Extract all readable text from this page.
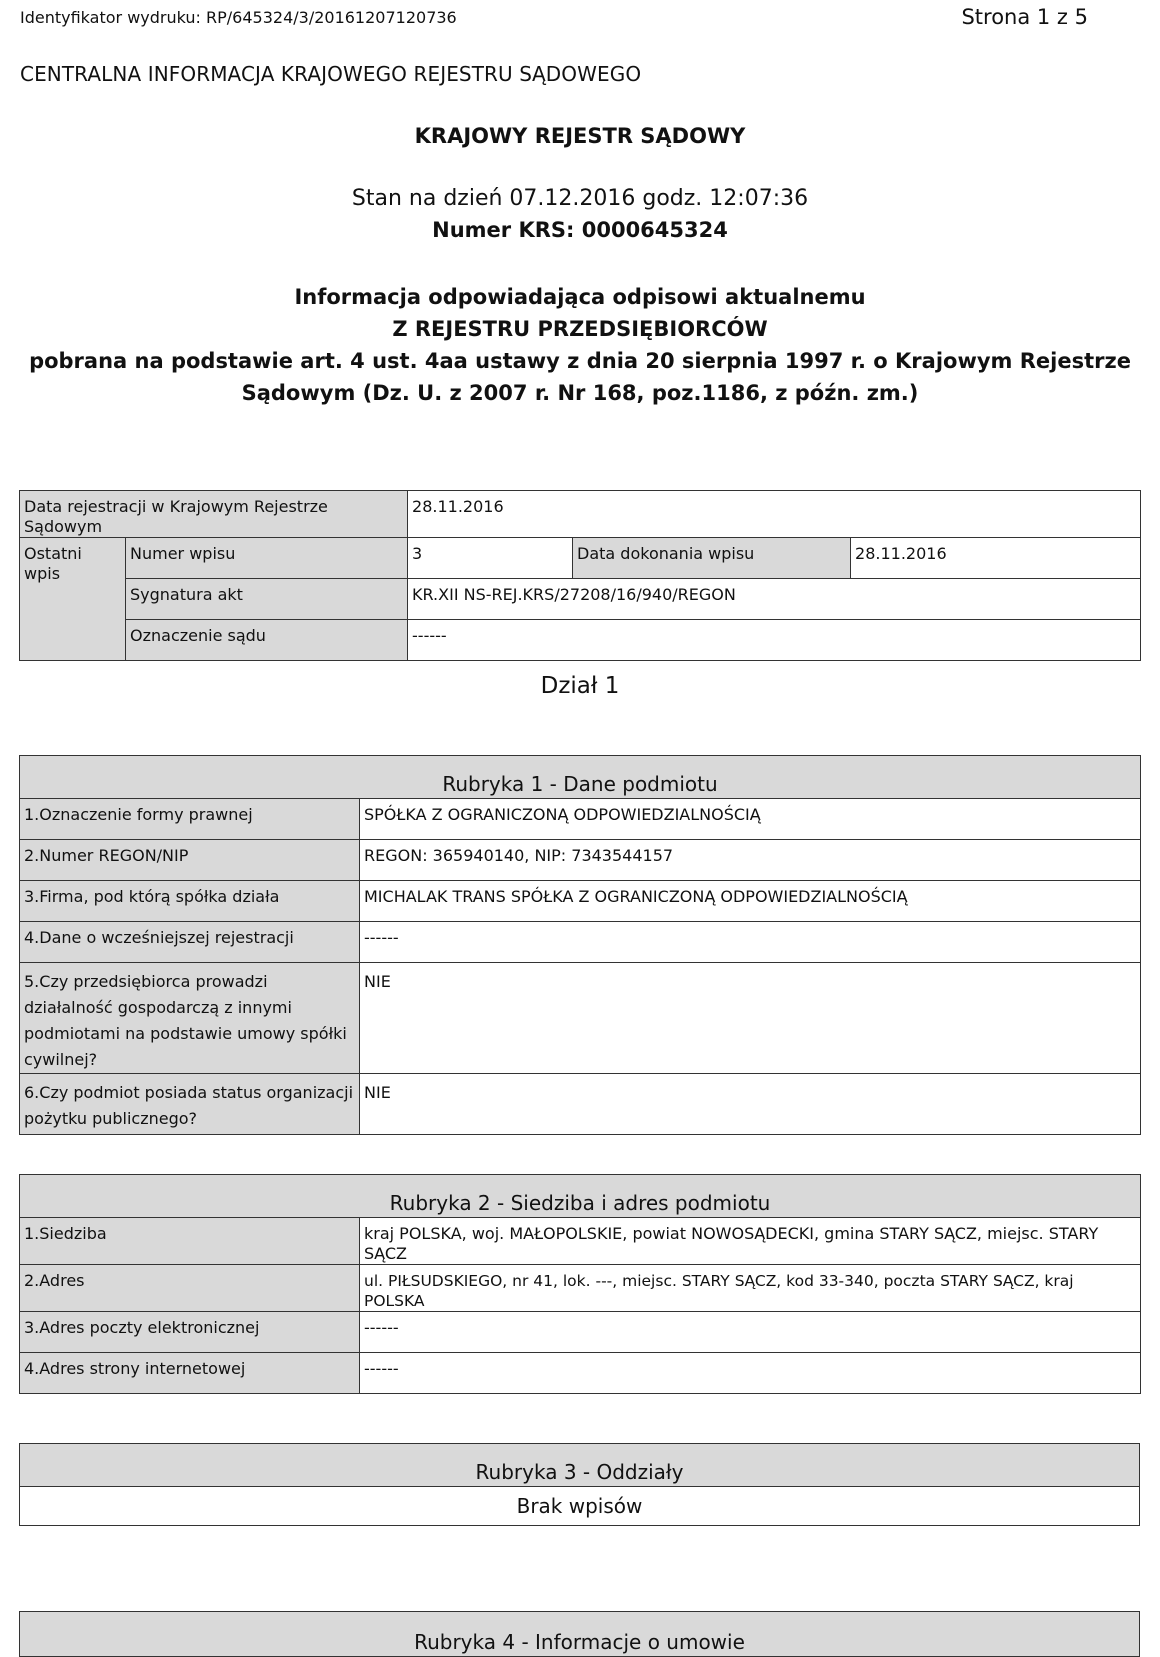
Identyfikator wydruku: RP/645324/3/20161207120736	Strona 1 z 5
CENTRALNA INFORMACJA KRAJOWEGO REJESTRU SĄDOWEGO
KRAJOWY REJESTR SĄDOWY
Stan na dzień 07.12.2016 godz. 12:07:36
Numer KRS: 0000645324
Informacja odpowiadająca odpisowi aktualnemu
Z REJESTRU PRZEDSIĘBIORCÓW
pobrana na podstawie art. 4 ust. 4aa ustawy z dnia 20 sierpnia 1997 r. o Krajowym Rejestrze
Sądowym (Dz. U. z 2007 r. Nr 168, poz.1186, z późn. zm.)
Data rejestracji w Krajowym Rejestrze Sądowym		28.11.2016		
Ostatni wpis	Numer wpisu	3	Data dokonania wpisu	28.11.2016
	Sygnatura akt	KR.XII NS-REJ.KRS/27208/16/940/REGON		
	Oznaczenie sądu	------		
Dział 1
Rubryka 1 - Dane podmiotu	
1.Oznaczenie formy prawnej	SPÓŁKA Z OGRANICZONĄ ODPOWIEDZIALNOŚCIĄ
2.Numer REGON/NIP	REGON: 365940140, NIP: 7343544157
3.Firma, pod którą spółka działa	MICHALAK TRANS SPÓŁKA Z OGRANICZONĄ ODPOWIEDZIALNOŚCIĄ
4.Dane o wcześniejszej rejestracji	------
5.Czy przedsiębiorca prowadzi działalność gospodarczą z innymi podmiotami na podstawie umowy spółki cywilnej?	NIE
6.Czy podmiot posiada status organizacji pożytku publicznego?	NIE
Rubryka 2 - Siedziba i adres podmiotu	
1.Siedziba	kraj POLSKA, woj. MAŁOPOLSKIE, powiat NOWOSĄDECKI, gmina STARY SĄCZ, miejsc. STARY SĄCZ
2.Adres	ul. PIŁSUDSKIEGO, nr 41, lok. ---, miejsc. STARY SĄCZ, kod 33-340, poczta STARY SĄCZ, kraj POLSKA
3.Adres poczty elektronicznej	------
4.Adres strony internetowej	------
Rubryka 3 - Oddziały
Brak wpisów
Rubryka 4 - Informacje o umowie
